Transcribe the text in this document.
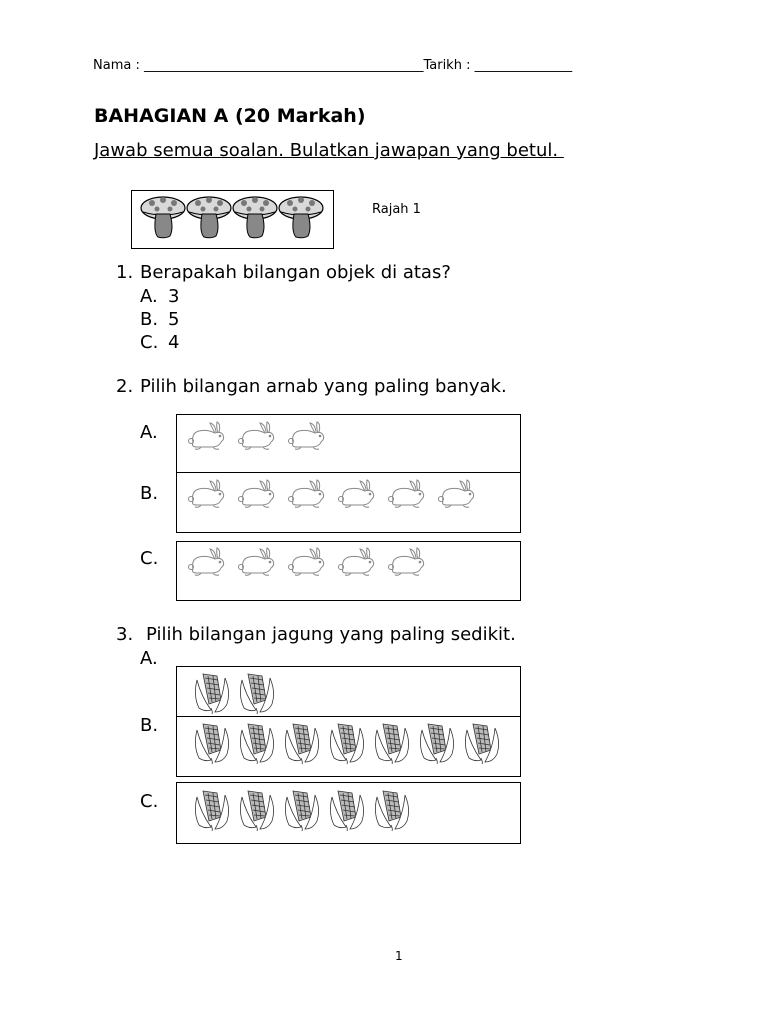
Nama : ___________________________________________Tarikh : _______________
BAHAGIAN A (20 Markah)
Jawab semua soalan. Bulatkan jawapan yang betul.
Rajah 1
1. Berapakah bilangan objek di atas?
A. 3
B. 5
C. 4
2. Pilih bilangan arnab yang paling banyak.
A.
B.
C.
3. Pilih bilangan jagung yang paling sedikit.
A.
B.
C.
1
